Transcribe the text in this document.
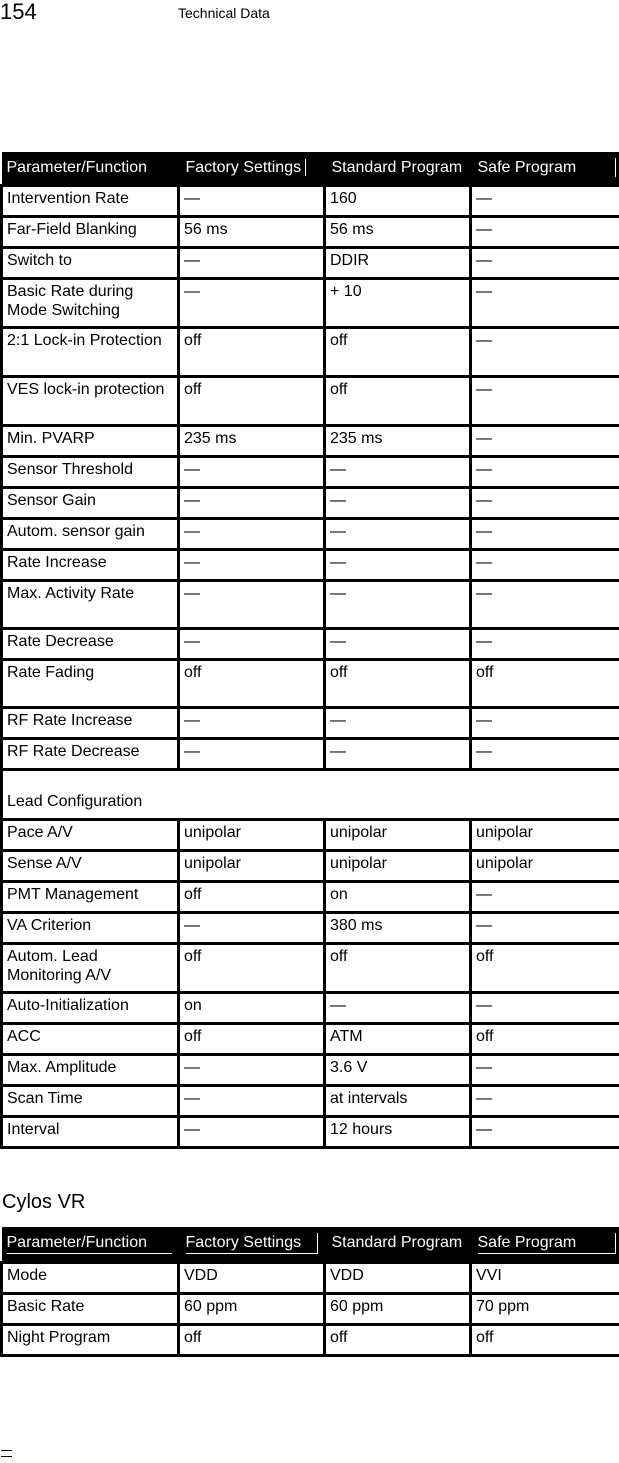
154	Technical Data
Parameter/Function	Factory Settings	Standard Program	Safe Program

Intervention Rate	—	160	—
Far-Field Blanking	56 ms	56 ms	—
Switch to	—	DDIR	—
Basic Rate during Mode Switching	—	+ 10	—
2:1 Lock-in Protection	off	off	—
VES lock-in protection	off	off	—
Min. PVARP	235 ms	235 ms	—
Sensor Threshold	—	—	—
Sensor Gain	—	—	—
Autom. sensor gain	—	—	—
Rate Increase	—	—	—
Max. Activity Rate	—	—	—
Rate Decrease	—	—	—
Rate Fading	off	off	off
RF Rate Increase	—	—	—
RF Rate Decrease	—	—	—
Lead Configuration			
Pace A/V	unipolar	unipolar	unipolar
Sense A/V	unipolar	unipolar	unipolar
PMT Management	off	on	—
VA Criterion	—	380 ms	—
Autom. Lead Monitoring A/V	off	off	off
Auto-Initialization	on	—	—
ACC	off	ATM	off
Max. Amplitude	—	3.6 V	—
Scan Time	—	at intervals	—
Interval	—	12 hours	—
Cylos VR
Parameter/Function	Factory Settings	Standard Program	Safe Program

Mode	VDD	VDD	VVI
Basic Rate	60 ppm	60 ppm	70 ppm
Night Program	off	off	off
